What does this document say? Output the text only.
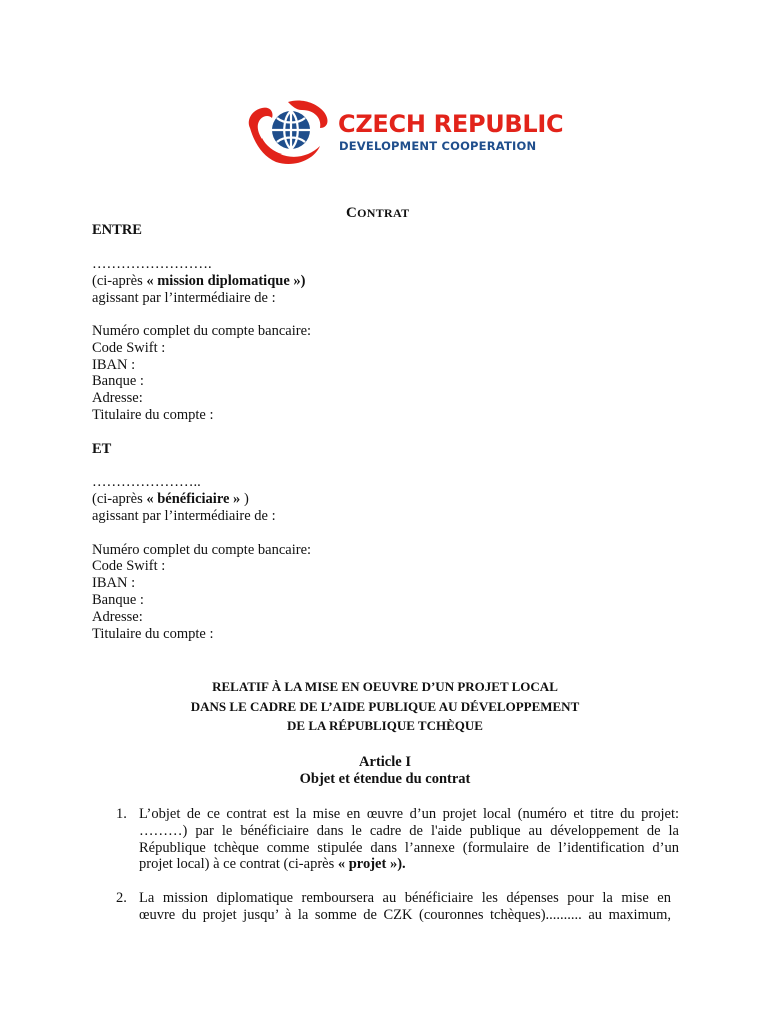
CZECH REPUBLIC
DEVELOPMENT COOPERATION
CONTRAT
ENTRE
…………………….
(ci-après « mission diplomatique »)
agissant par l’intermédiaire de :
Numéro complet du compte bancaire:
Code Swift :
IBAN :
Banque :
Adresse:
Titulaire du compte :
ET
…………………..
(ci-après « bénéficiaire » )
agissant par l’intermédiaire de :
Numéro complet du compte bancaire:
Code Swift :
IBAN :
Banque :
Adresse:
Titulaire du compte :
RELATIF À LA MISE EN OEUVRE D’UN PROJET LOCAL
DANS LE CADRE DE L’AIDE PUBLIQUE AU DÉVELOPPEMENT
DE LA RÉPUBLIQUE TCHÈQUE
Article I
Objet et étendue du contrat
1. L’objet de ce contrat est la mise en œuvre d’un projet local (numéro et titre du projet:
………) par le bénéficiaire dans le cadre de l'aide publique au développement de la
République tchèque comme stipulée dans l’annexe (formulaire de l’identification d’un
projet local) à ce contrat (ci-après « projet »).
2. La mission diplomatique remboursera au bénéficiaire les dépenses pour la mise en
œuvre du projet jusqu’ à la somme de CZK (couronnes tchèques).......... au maximum,
